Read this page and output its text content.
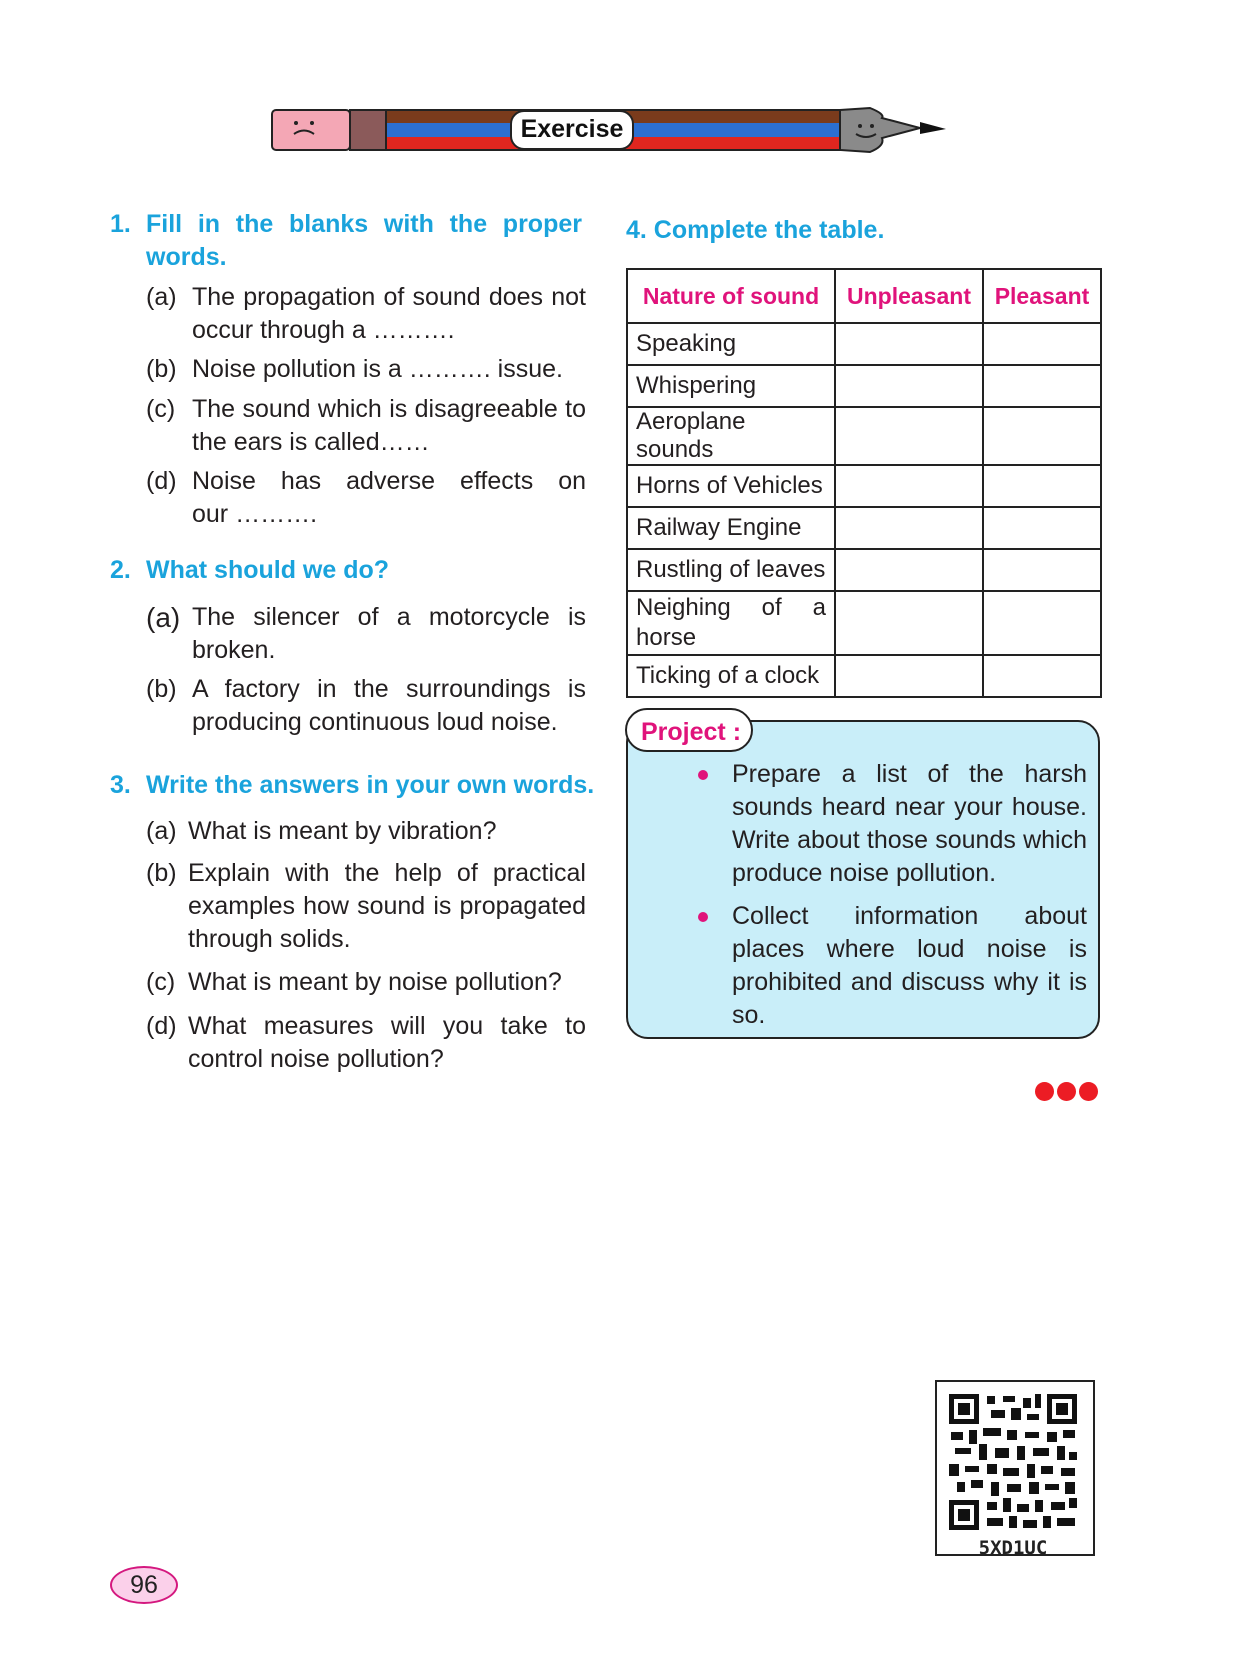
Exercise
1. Fill in the blanks with the proper
words.
(a) The propagation of sound does not
occur through a ……….
(b) Noise pollution is a ………. issue.
(c) The sound which is disagreeable to
the ears is called……
(d) Noise has adverse effects on
our ……….
2. What should we do?
(a) The silencer of a motorcycle is
broken.
(b) A factory in the surroundings is
producing continuous loud noise.
3. Write the answers in your own words.
(a) What is meant by vibration?
(b) Explain with the help of practical
examples how sound is propagated
through solids.
(c) What is meant by noise pollution?
(d) What measures will you take to
control noise pollution?
4. Complete the table.
Nature of sound	Unpleasant	Pleasant
Speaking		
Whispering		
Aeroplane sounds		
Horns of Vehicles		
Railway Engine		
Rustling of leaves		
Neighing of a horse		
Ticking of a clock		
Project :
Prepare a list of the harsh sounds heard near your house. Write about those sounds which produce noise pollution.
Collect information about places where loud noise is prohibited and discuss why it is so.
5XD1UC
96
